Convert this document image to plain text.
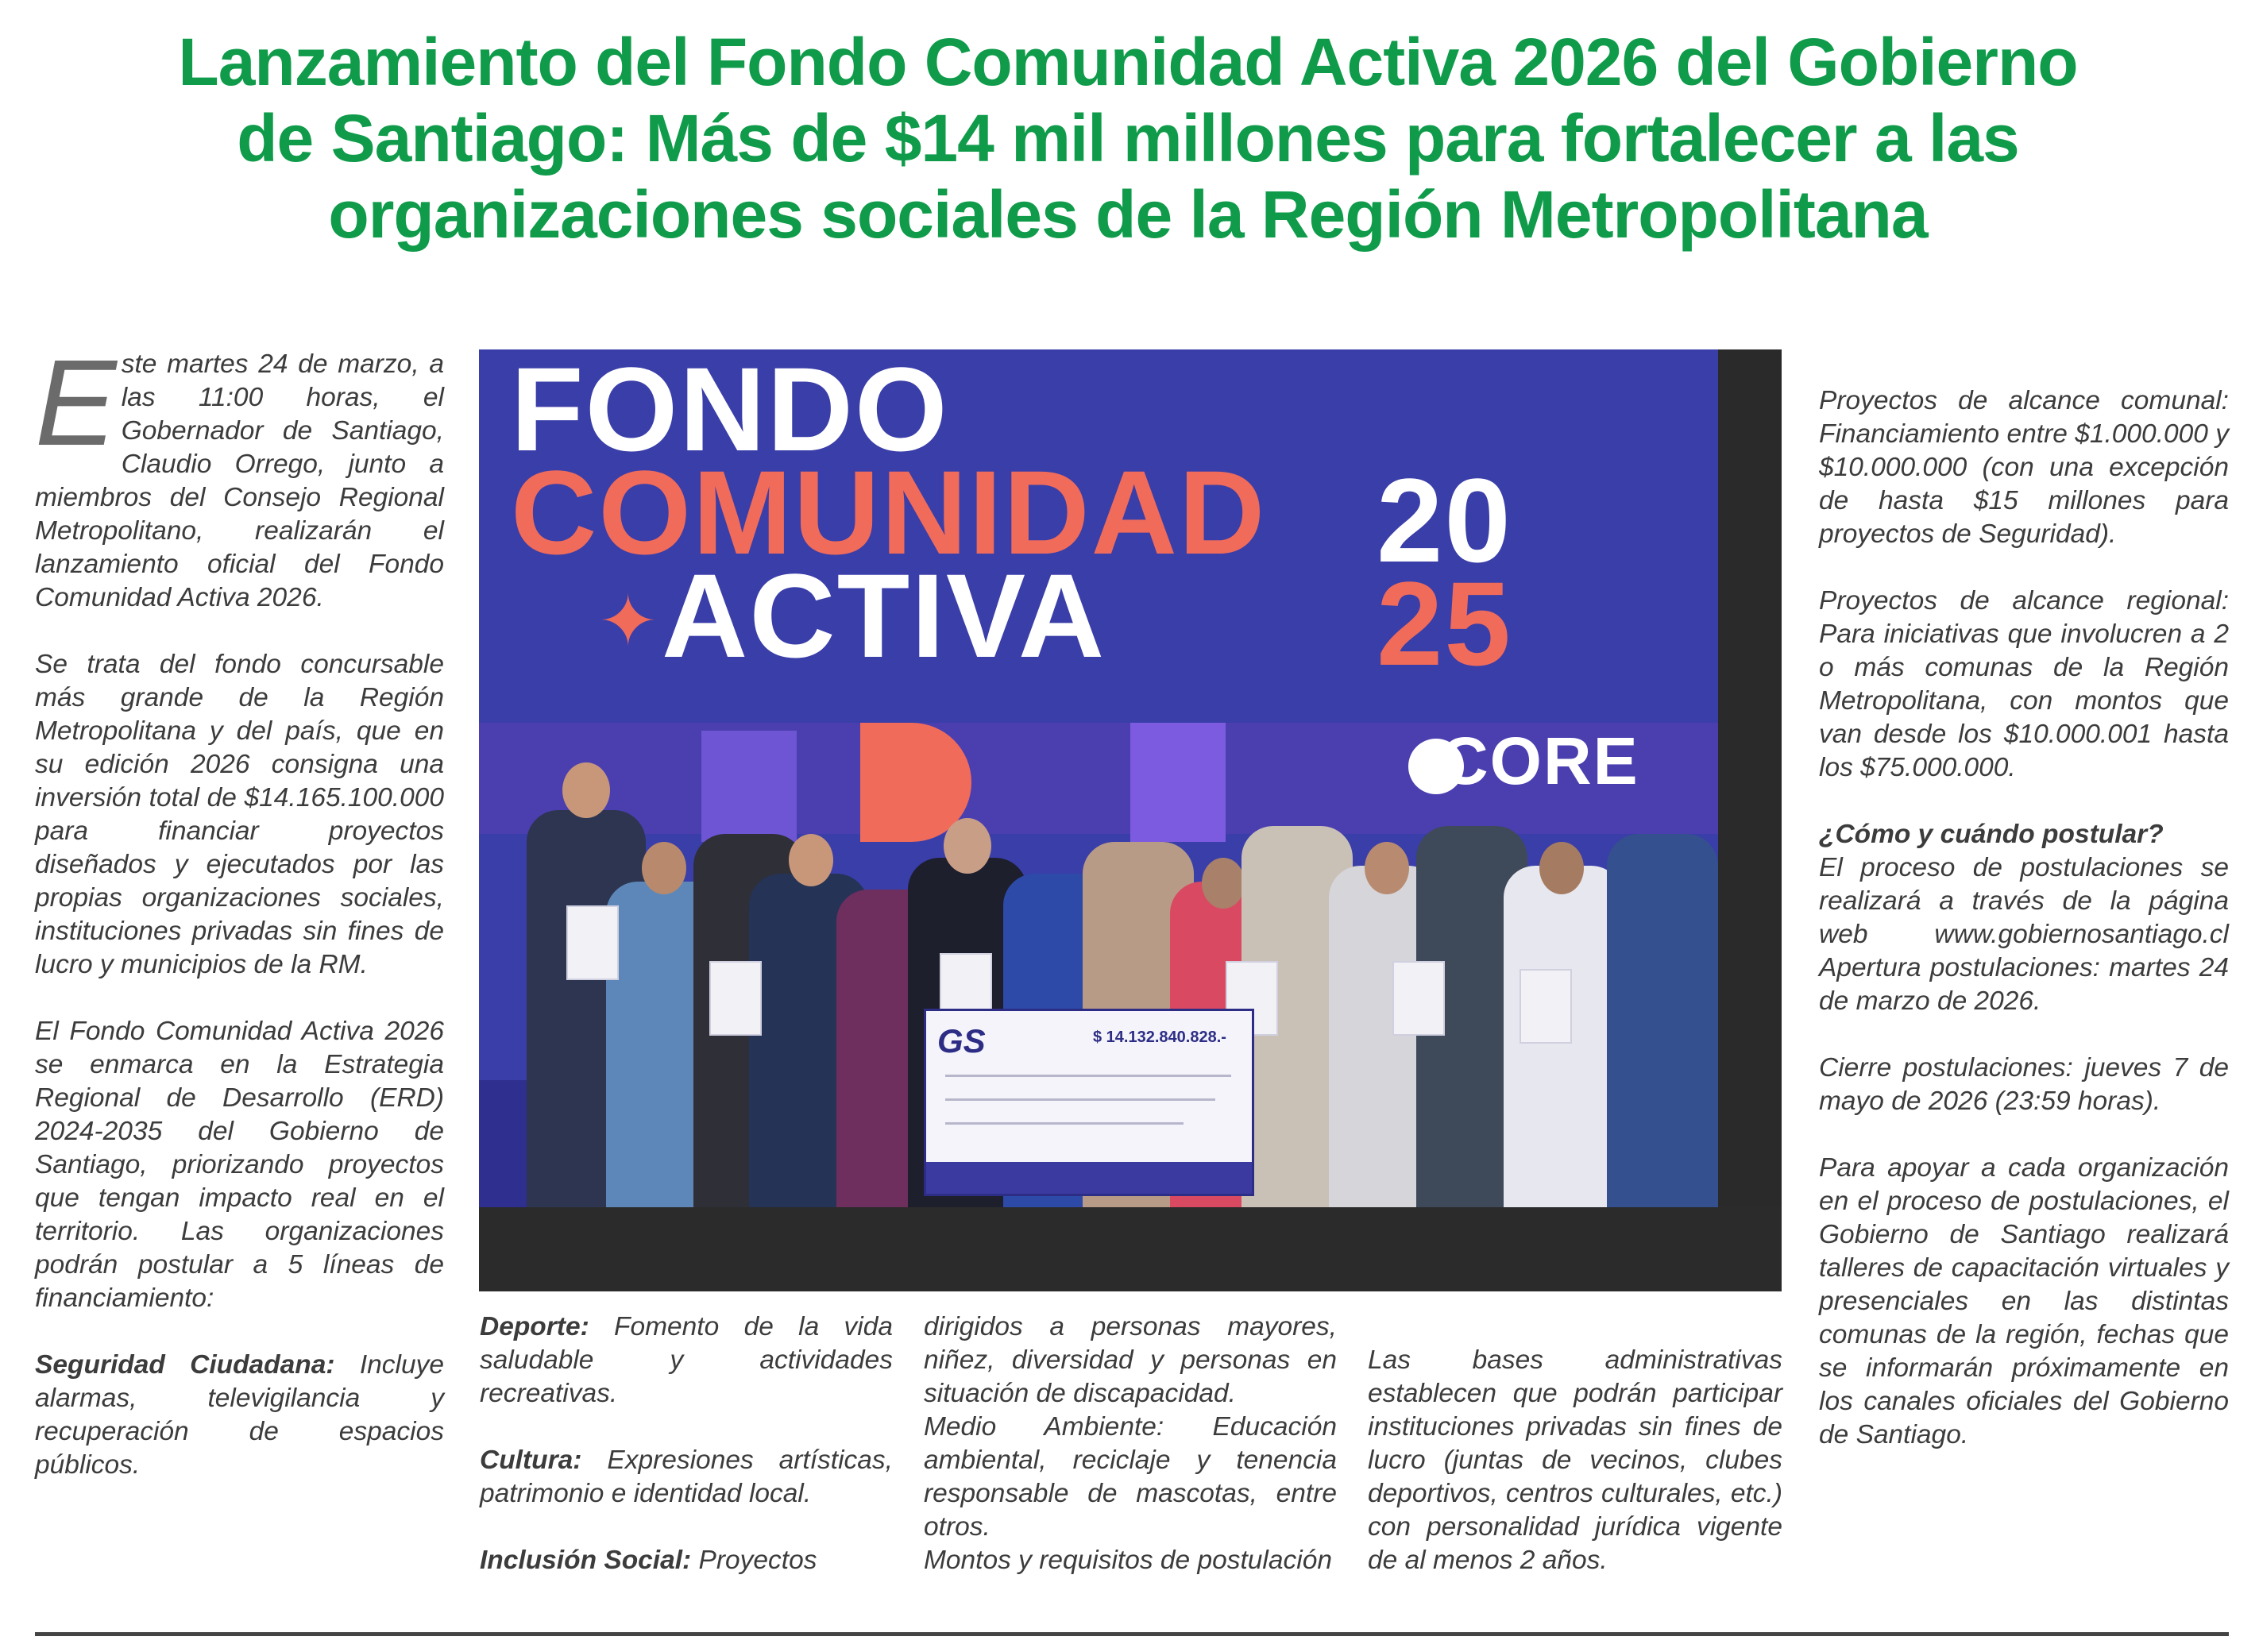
Lanzamiento del Fondo Comunidad Activa 2026 del Gobierno
de Santiago: Más de $14 mil millones para fortalecer a las
organizaciones sociales de la Región Metropolitana

Este martes 24 de marzo, a las 11:00 horas, el Gobernador de Santiago, Claudio Orrego, junto a miembros del Consejo Regional Metropolitano, realizarán el lanzamiento oficial del Fondo Comunidad Activa 2026.

Se trata del fondo concursable más grande de la Región Metropolitana y del país, que en su edición 2026 consigna una inversión total de $14.165.100.000 para financiar proyectos diseñados y ejecutados por las propias organizaciones sociales, instituciones privadas sin fines de lucro y municipios de la RM.

El Fondo Comunidad Activa 2026 se enmarca en la Estrategia Regional de Desarrollo (ERD) 2024-2035 del Gobierno de Santiago, priorizando proyectos que tengan impacto real en el territorio. Las organizaciones podrán postular a 5 líneas de financiamiento:

Seguridad Ciudadana: Incluye alarmas, televigilancia y recuperación de espacios públicos.

FONDO
COMUNIDAD
✦ ACTIVA
20
25
CORE
GS	$ 14.132.840.828.-

Deporte: Fomento de la vida saludable y actividades recreativas.

Cultura: Expresiones artísticas, patrimonio e identidad local.

Inclusión Social: Proyectos

dirigidos a personas mayores, niñez, diversidad y personas en situación de discapacidad.

Medio Ambiente: Educación ambiental, reciclaje y tenencia responsable de mascotas, entre otros.

Montos y requisitos de postulación

Las bases administrativas establecen que podrán participar instituciones privadas sin fines de lucro (juntas de vecinos, clubes deportivos, centros culturales, etc.) con personalidad jurídica vigente de al menos 2 años.

Proyectos de alcance comunal: Financiamiento entre $1.000.000 y $10.000.000 (con una excepción de hasta $15 millones para proyectos de Seguridad).

Proyectos de alcance regional: Para iniciativas que involucren a 2 o más comunas de la Región Metropolitana, con montos que van desde los $10.000.001 hasta los $75.000.000.

¿Cómo y cuándo postular?
El proceso de postulaciones se realizará a través de la página web www.gobiernosantiago.cl Apertura postulaciones: martes 24 de marzo de 2026.

Cierre postulaciones: jueves 7 de mayo de 2026 (23:59 horas).

Para apoyar a cada organización en el proceso de postulaciones, el Gobierno de Santiago realizará talleres de capacitación virtuales y presenciales en las distintas comunas de la región, fechas que se informarán próximamente en los canales oficiales del Gobierno de Santiago.
